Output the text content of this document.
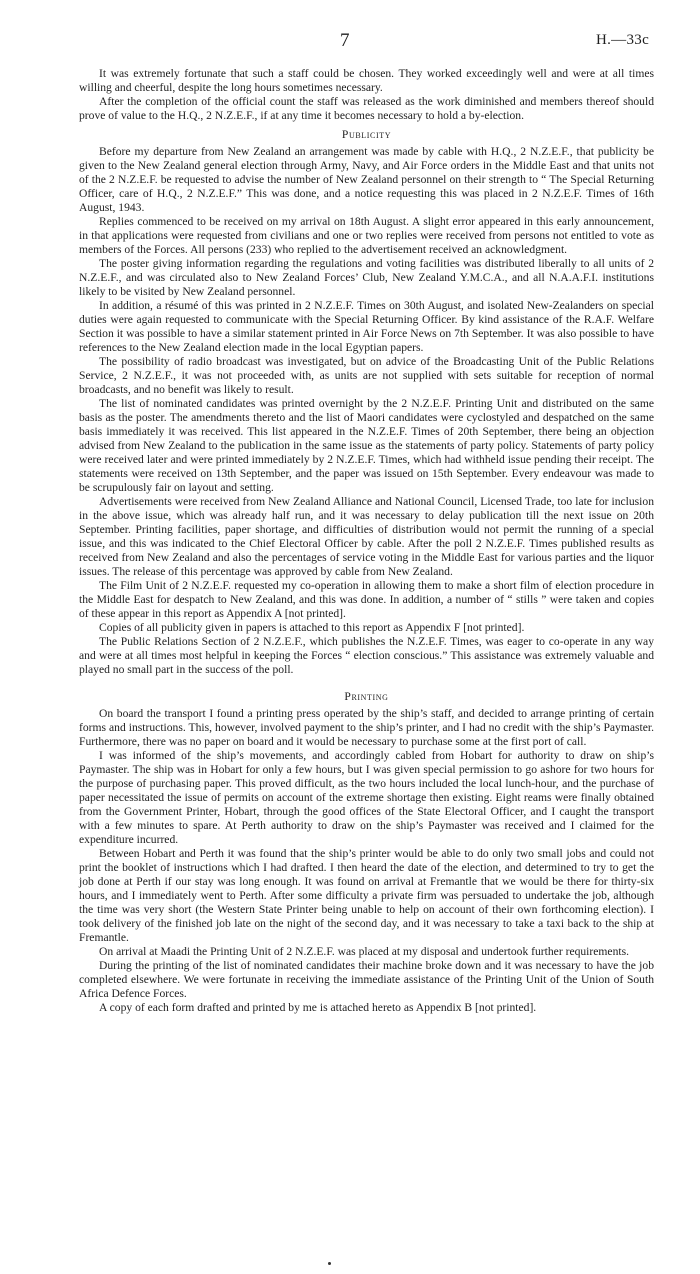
7	H.—33c

It was extremely fortunate that such a staff could be chosen. They worked exceedingly well and were at all times willing and cheerful, despite the long hours sometimes necessary.

After the completion of the official count the staff was released as the work diminished and members thereof should prove of value to the H.Q., 2 N.Z.E.F., if at any time it becomes necessary to hold a by-election.

Publicity

Before my departure from New Zealand an arrangement was made by cable with H.Q., 2 N.Z.E.F., that publicity be given to the New Zealand general election through Army, Navy, and Air Force orders in the Middle East and that units not of the 2 N.Z.E.F. be requested to advise the number of New Zealand personnel on their strength to “ The Special Returning Officer, care of H.Q., 2 N.Z.E.F.” This was done, and a notice requesting this was placed in 2 N.Z.E.F. Times of 16th August, 1943.

Replies commenced to be received on my arrival on 18th August. A slight error appeared in this early announcement, in that applications were requested from civilians and one or two replies were received from persons not entitled to vote as members of the Forces. All persons (233) who replied to the advertisement received an acknowledgment.

The poster giving information regarding the regulations and voting facilities was distributed liberally to all units of 2 N.Z.E.F., and was circulated also to New Zealand Forces’ Club, New Zealand Y.M.C.A., and all N.A.A.F.I. institutions likely to be visited by New Zealand personnel.

In addition, a résumé of this was printed in 2 N.Z.E.F. Times on 30th August, and isolated New-Zealanders on special duties were again requested to communicate with the Special Returning Officer. By kind assistance of the R.A.F. Welfare Section it was possible to have a similar statement printed in Air Force News on 7th September. It was also possible to have references to the New Zealand election made in the local Egyptian papers.

The possibility of radio broadcast was investigated, but on advice of the Broadcasting Unit of the Public Relations Service, 2 N.Z.E.F., it was not proceeded with, as units are not supplied with sets suitable for reception of normal broadcasts, and no benefit was likely to result.

The list of nominated candidates was printed overnight by the 2 N.Z.E.F. Printing Unit and distributed on the same basis as the poster. The amendments thereto and the list of Maori candidates were cyclostyled and despatched on the same basis immediately it was received. This list appeared in the N.Z.E.F. Times of 20th September, there being an objection advised from New Zealand to the publication in the same issue as the statements of party policy. Statements of party policy were received later and were printed immediately by 2 N.Z.E.F. Times, which had withheld issue pending their receipt. The statements were received on 13th September, and the paper was issued on 15th September. Every endeavour was made to be scrupulously fair on layout and setting.

Advertisements were received from New Zealand Alliance and National Council, Licensed Trade, too late for inclusion in the above issue, which was already half run, and it was necessary to delay publication till the next issue on 20th September. Printing facilities, paper shortage, and difficulties of distribution would not permit the running of a special issue, and this was indicated to the Chief Electoral Officer by cable. After the poll 2 N.Z.E.F. Times published results as received from New Zealand and also the percentages of service voting in the Middle East for various parties and the liquor issues. The release of this percentage was approved by cable from New Zealand.

The Film Unit of 2 N.Z.E.F. requested my co-operation in allowing them to make a short film of election procedure in the Middle East for despatch to New Zealand, and this was done. In addition, a number of “ stills ” were taken and copies of these appear in this report as Appendix A [not printed].

Copies of all publicity given in papers is attached to this report as Appendix F [not printed].

The Public Relations Section of 2 N.Z.E.F., which publishes the N.Z.E.F. Times, was eager to co-operate in any way and were at all times most helpful in keeping the Forces “ election conscious.” This assistance was extremely valuable and played no small part in the success of the poll.

Printing

On board the transport I found a printing press operated by the ship’s staff, and decided to arrange printing of certain forms and instructions. This, however, involved payment to the ship’s printer, and I had no credit with the ship’s Paymaster. Furthermore, there was no paper on board and it would be necessary to purchase some at the first port of call.

I was informed of the ship’s movements, and accordingly cabled from Hobart for authority to draw on ship’s Paymaster. The ship was in Hobart for only a few hours, but I was given special permission to go ashore for two hours for the purpose of purchasing paper. This proved difficult, as the two hours included the local lunch-hour, and the purchase of paper necessitated the issue of permits on account of the extreme shortage then existing. Eight reams were finally obtained from the Government Printer, Hobart, through the good offices of the State Electoral Officer, and I caught the transport with a few minutes to spare. At Perth authority to draw on the ship’s Paymaster was received and I claimed for the expenditure incurred.

Between Hobart and Perth it was found that the ship’s printer would be able to do only two small jobs and could not print the booklet of instructions which I had drafted. I then heard the date of the election, and determined to try to get the job done at Perth if our stay was long enough. It was found on arrival at Fremantle that we would be there for thirty-six hours, and I immediately went to Perth. After some difficulty a private firm was persuaded to undertake the job, although the time was very short (the Western State Printer being unable to help on account of their own forthcoming election). I took delivery of the finished job late on the night of the second day, and it was necessary to take a taxi back to the ship at Fremantle.

On arrival at Maadi the Printing Unit of 2 N.Z.E.F. was placed at my disposal and undertook further requirements.

During the printing of the list of nominated candidates their machine broke down and it was necessary to have the job completed elsewhere. We were fortunate in receiving the immediate assistance of the Printing Unit of the Union of South Africa Defence Forces.

A copy of each form drafted and printed by me is attached hereto as Appendix B [not printed].
